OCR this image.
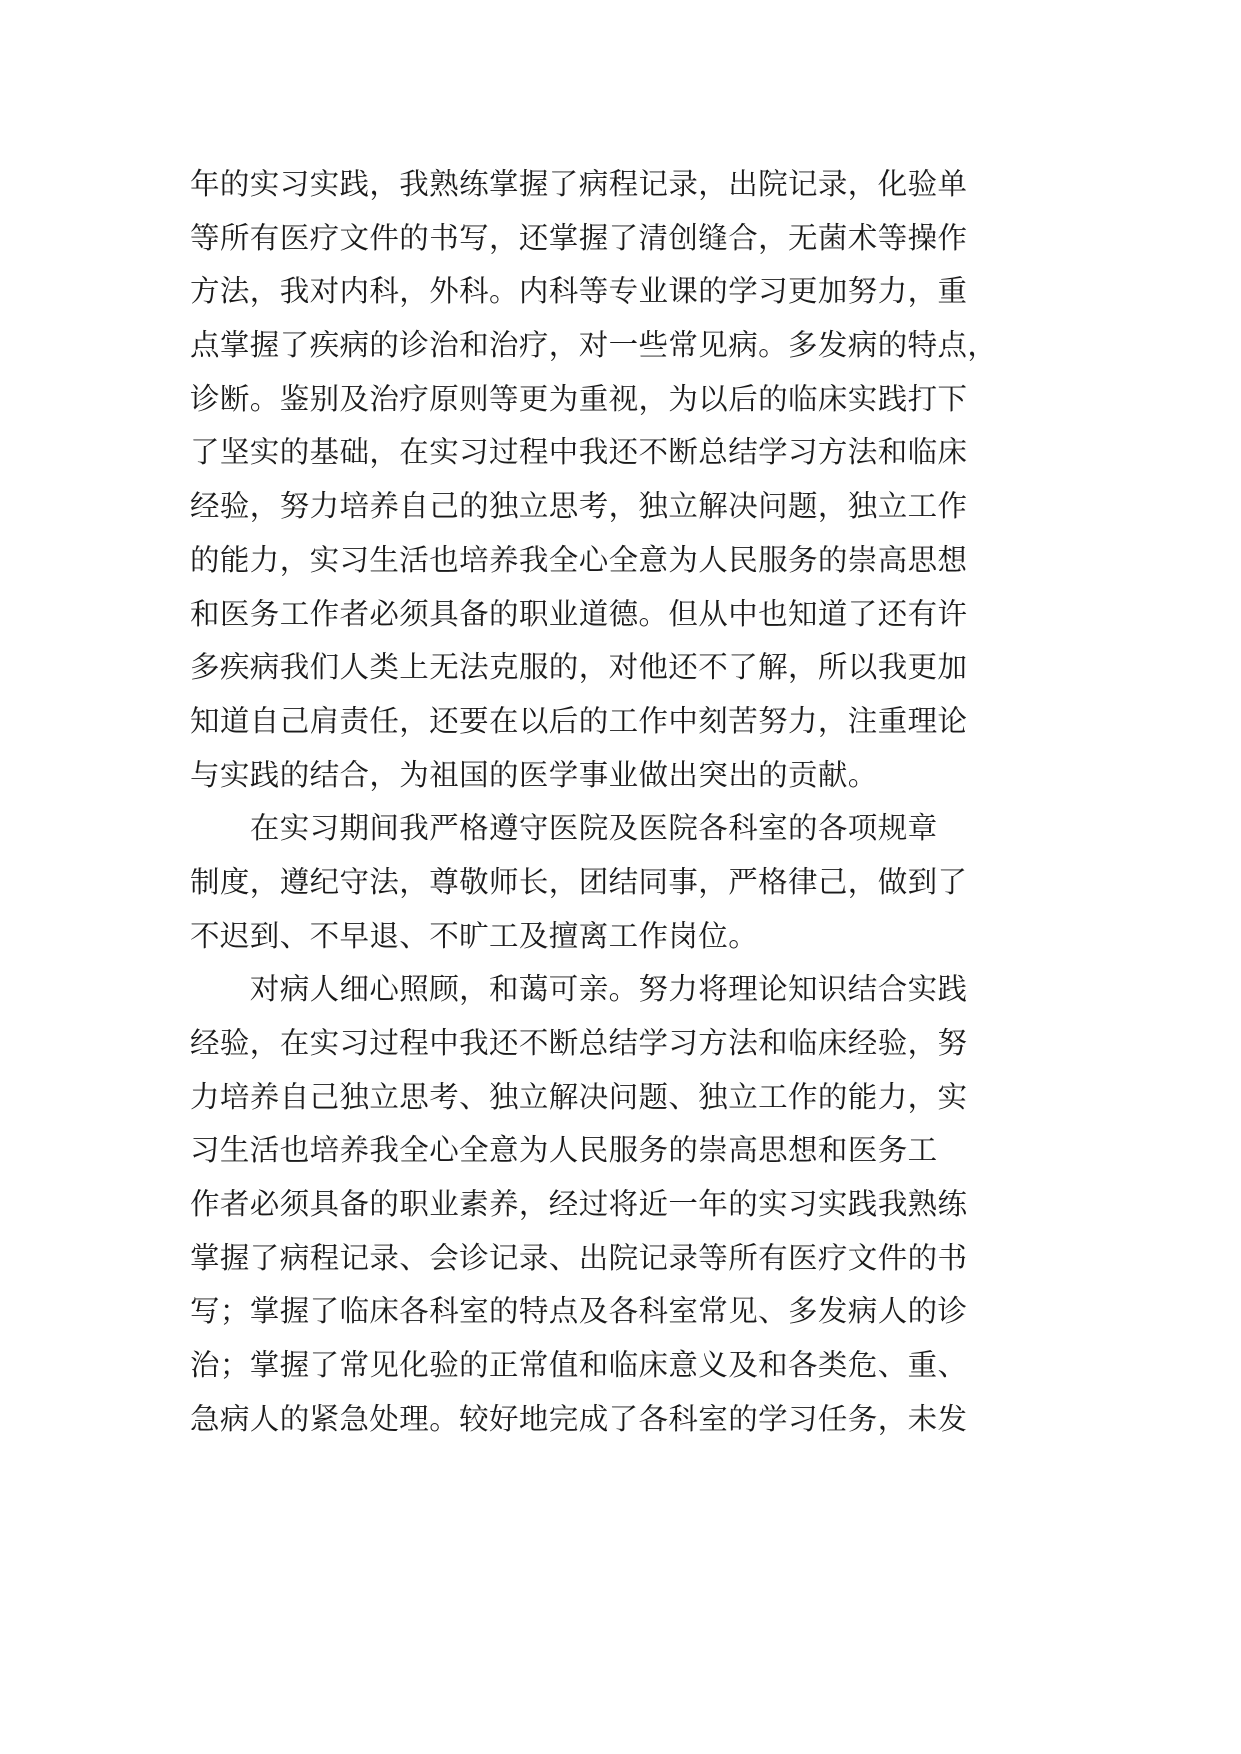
年的实习实践，我熟练掌握了病程记录，出院记录，化验单
等所有医疗文件的书写，还掌握了清创缝合，无菌术等操作
方法，我对内科，外科。内科等专业课的学习更加努力，重
点掌握了疾病的诊治和治疗，对一些常见病。多发病的特点，
诊断。鉴别及治疗原则等更为重视，为以后的临床实践打下
了坚实的基础，在实习过程中我还不断总结学习方法和临床
经验，努力培养自己的独立思考，独立解决问题，独立工作
的能力，实习生活也培养我全心全意为人民服务的崇高思想
和医务工作者必须具备的职业道德。但从中也知道了还有许
多疾病我们人类上无法克服的，对他还不了解，所以我更加
知道自己肩责任，还要在以后的工作中刻苦努力，注重理论
与实践的结合，为祖国的医学事业做出突出的贡献。
　　在实习期间我严格遵守医院及医院各科室的各项规章
制度，遵纪守法，尊敬师长，团结同事，严格律己，做到了
不迟到、不早退、不旷工及擅离工作岗位。
　　对病人细心照顾，和蔼可亲。努力将理论知识结合实践
经验，在实习过程中我还不断总结学习方法和临床经验，努
力培养自己独立思考、独立解决问题、独立工作的能力，实
习生活也培养我全心全意为人民服务的崇高思想和医务工
作者必须具备的职业素养，经过将近一年的实习实践我熟练
掌握了病程记录、会诊记录、出院记录等所有医疗文件的书
写；掌握了临床各科室的特点及各科室常见、多发病人的诊
治；掌握了常见化验的正常值和临床意义及和各类危、重、
急病人的紧急处理。较好地完成了各科室的学习任务，未发
